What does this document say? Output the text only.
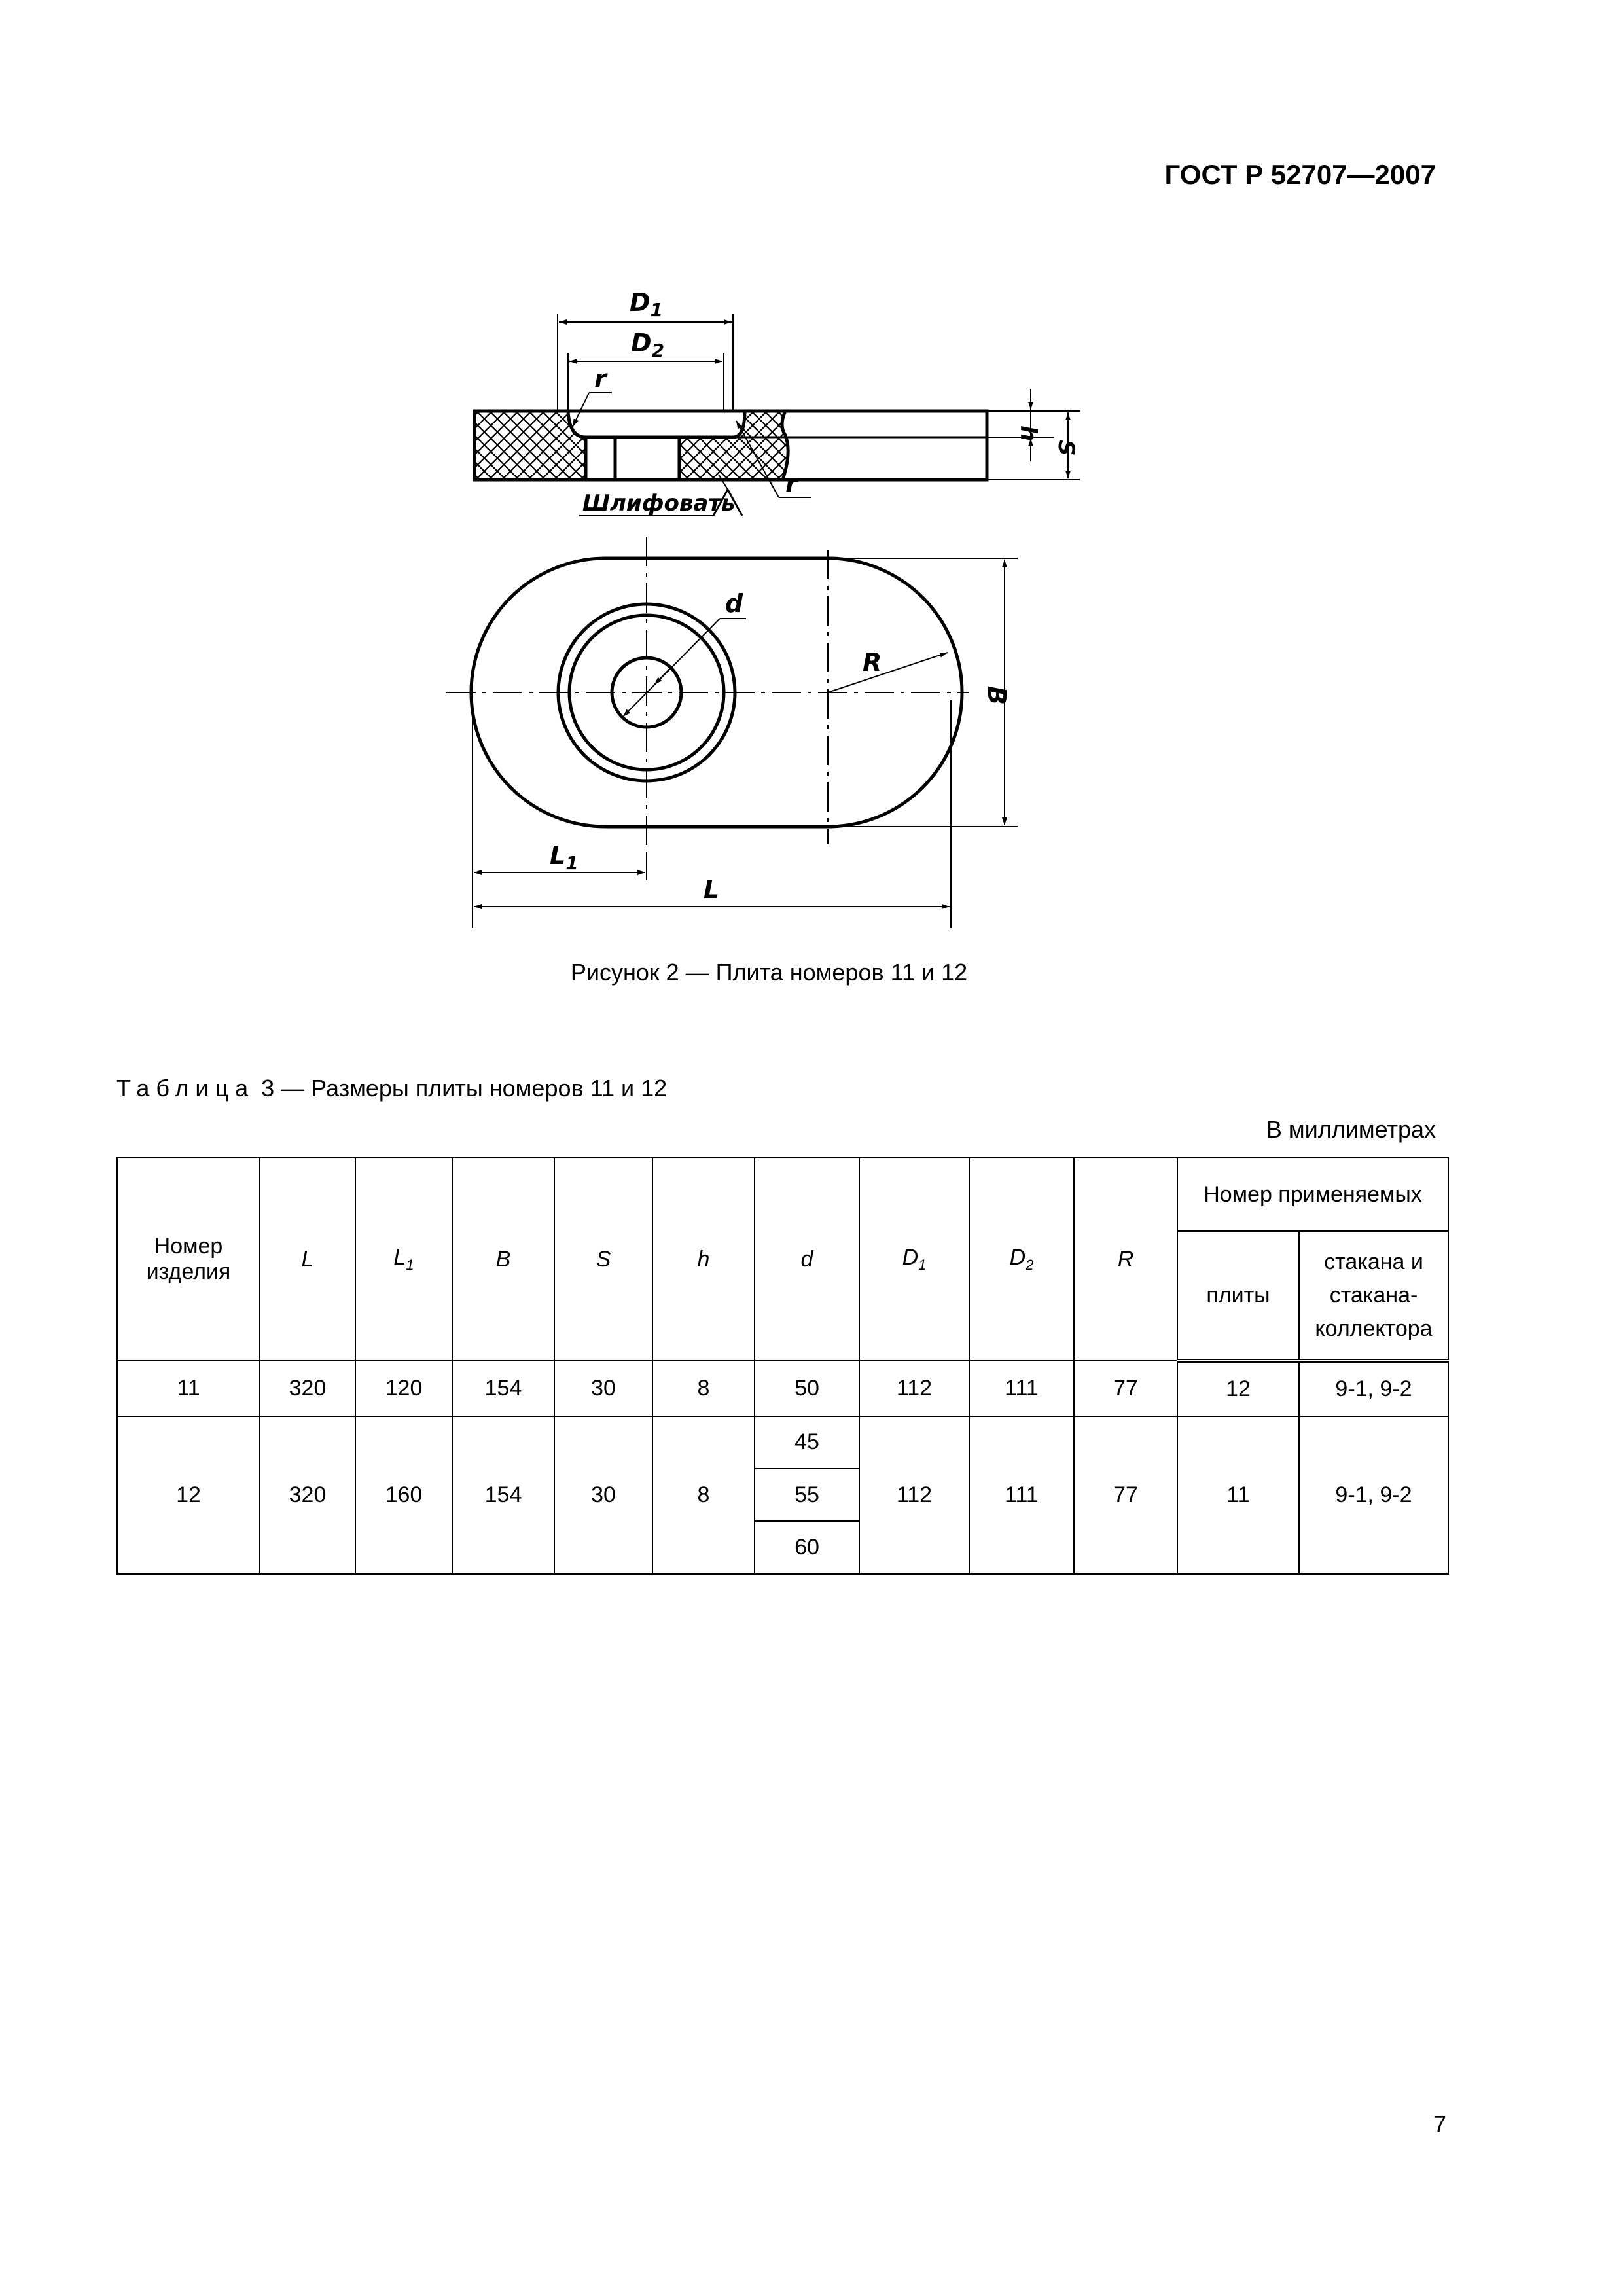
ГОСТ Р 52707—2007
$D_1$
$D_2$
r
r
Шлифовать
h
S
d
R
B
$L_1$
L
Рисунок 2 — Плита номеров 11 и 12
Таблица 3 — Размеры плиты номеров 11 и 12
В миллиметрах
Номер изделия	L	$L_1$	B	S	h	d	$D_1$	$D_2$	R	Номер применяемых	
										плиты	стакана и стакана-коллектора
11	320	120	154	30	8	50	112	111	77	12	9-1, 9-2
12	320	160	154	30	8	45	112	111	77	11	9-1, 9-2
						55					
						60					
7
